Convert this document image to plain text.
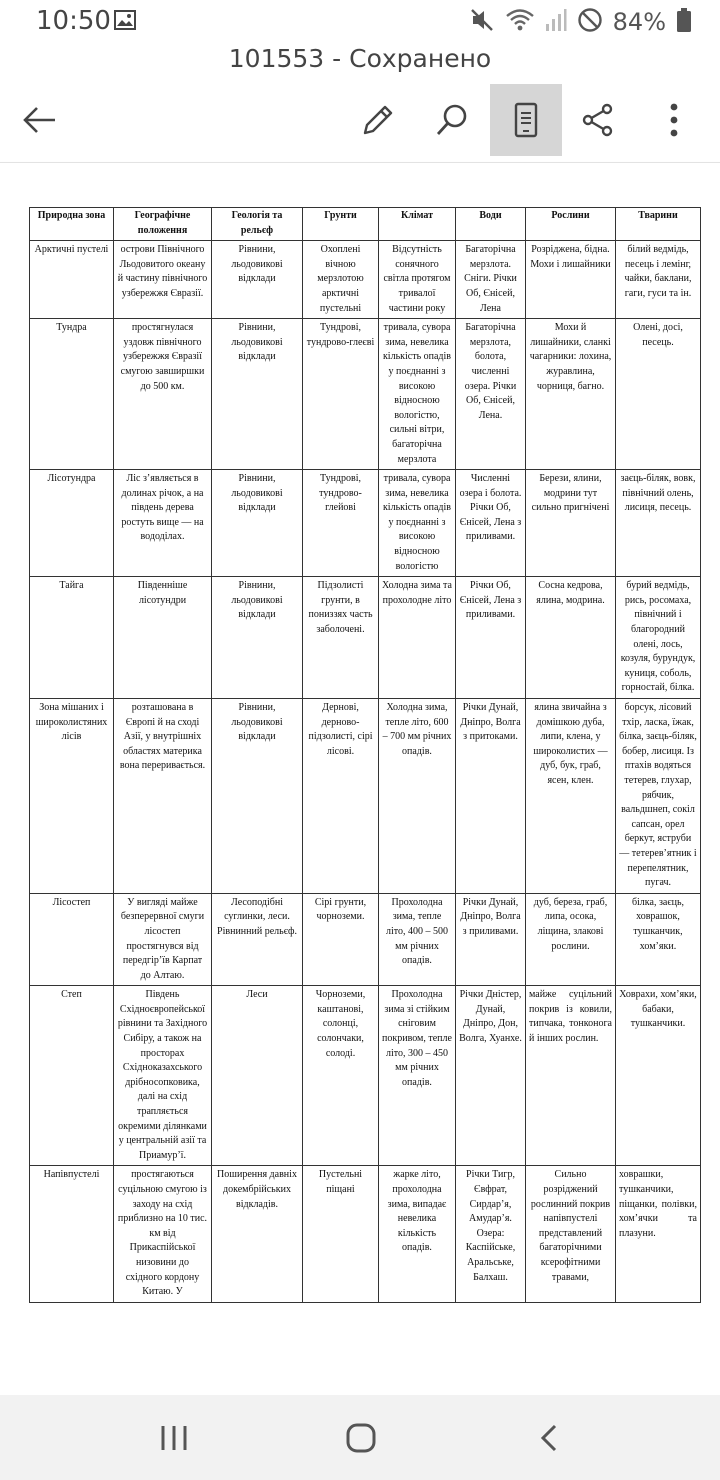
10:50	84%
101553 - Сохранено
Природна зона	Географічне положення	Геологія та рельєф	Грунти	Клімат	Води	Рослини	Тварини
Арктичні пустелі	острови Північного Льодовитого океану й частину північного узбережжя Євразії.	Рівнини, льодовикові відклади	Охоплені вічною мерзлотою арктичні пустельні	Відсутність сонячного світла протягом тривалої частини року	Багаторічна мерзлота. Сніги. Річки Об, Єнісей, Лена	Розріджена, бідна. Мохи і лишайники	білий ведмідь, песець і лемінг, чайки, баклани, гаги, гуси та ін.
Тундра	простягнулася уздовж північного узбережжя Євразії смугою завширшки до 500 км.	Рівнини, льодовикові відклади	Тундрові, тундрово-глеєві	тривала, сувора зима, невелика кількість опадів у поєднанні з високою відносною вологістю, сильні вітри, багаторічна мерзлота	Багаторічна мерзлота, болота, численні озера. Річки Об, Єнісей, Лена.	Мохи й лишайники, сланкі чагарники: лохина, журавлина, чорниця, багно.	Олені, досі, песець.
Лісотундра	Ліс з’являється в долинах річок, а на південь дерева ростуть вище — на вододілах.	Рівнини, льодовикові відклади	Тундрові, тундрово-глейові	тривала, сувора зима, невелика кількість опадів у поєднанні з високою відносною вологістю	Численні озера і болота. Річки Об, Єнісей, Лена з приливами.	Берези, ялини, модрини тут сильно пригнічені	заєць-біляк, вовк, північний олень, лисиця, песець.
Тайга	Південніше лісотундри	Рівнини, льодовикові відклади	Підзолисті грунти, в пониззях часть заболочені.	Холодна зима та прохолодне літо	Річки Об, Єнісей, Лена з приливами.	Сосна кедрова, ялина, модрина.	бурий ведмідь, рись, росомаха, північний і благородний олені, лось, козуля, бурундук, куниця, соболь, горностай, білка.
Зона мішаних і широколистяних лісів	розташована в Європі й на сході Азії, у внутрішніх областях материка вона переривається.	Рівнини, льодовикові відклади	Дернові, дерново-підзолисті, сірі лісові.	Холодна зима, тепле літо, 600 – 700 мм річних опадів.	Річки Дунай, Дніпро, Волга з притоками.	ялина звичайна з домішкою дуба, липи, клена, у широколистих — дуб, бук, граб, ясен, клен.	борсук, лісовий тхір, ласка, їжак, білка, заєць-біляк, бобер, лисиця. Із птахів водяться тетерев, глухар, рябчик, вальдшнеп, сокіл сапсан, орел беркут, яструби — тетерев’ятник і перепелятник, пугач.
Лісостеп	У вигляді майже безперервної смуги лісостеп простягнувся від передгір’їв Карпат до Алтаю.	Лесоподібні суглинки, леси. Рівнинний рельєф.	Сірі грунти, чорноземи.	Прохолодна зима, тепле літо, 400 – 500 мм річних опадів.	Річки Дунай, Дніпро, Волга з приливами.	дуб, береза, граб, липа, осока, ліщина, злакові рослини.	білка, заєць, ховрашок, тушканчик, хом’яки.
Степ	Південь Східноєвропейської рівнини та Західного Сибіру, а також на просторах Східноказахського дрібносопковика, далі на схід трапляється окремими ділянками у центральній азії та Приамур’ї.	Леси	Чорноземи, каштанові, солонці, солончаки, солоді.	Прохолодна зима зі стійким сніговим покривом, тепле літо, 300 – 450 мм річних опадів.	Річки Дністер, Дунай, Дніпро, Дон, Волга, Хуанхе.	майже суцільний покрив із ковили, типчака, тонконога й інших рослин.	Ховрахи, хом’яки, бабаки, тушканчики.
Напівпустелі	простягаються суцільною смугою із заходу на схід приблизно на 10 тис. км від Прикаспійської низовини до східного кордону Китаю. У	Поширення давніх докембрійських відкладів.	Пустельні піщані	жарке літо, прохолодна зима, випадає невелика кількість опадів.	Річки Тигр, Євфрат, Сирдар’я, Амудар’я. Озера: Каспійське, Аральське, Балхаш.	Сильно розріджений рослинний покрив напівпустелі представлений багаторічними ксерофітними травами,	ховрашки, тушканчики, піщанки, полівки, хом’ячки та плазуни.
